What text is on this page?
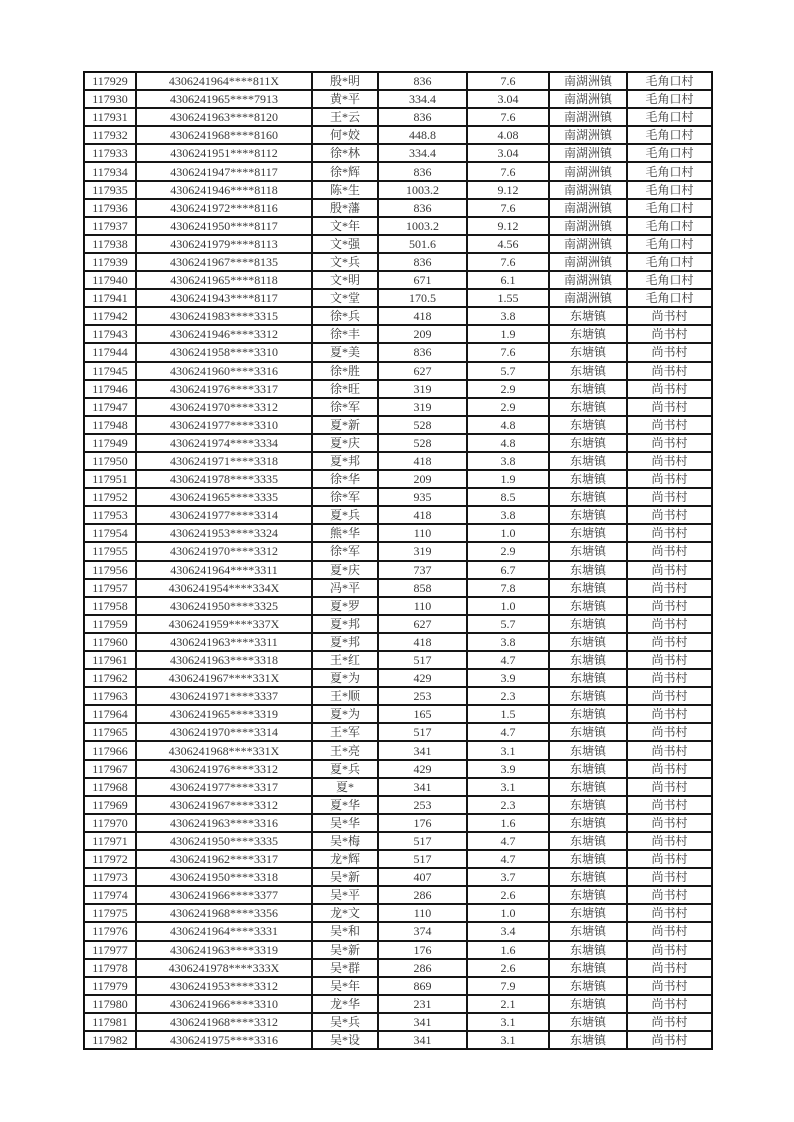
117929	4306241964****811X	殷*明	836	7.6	南湖洲镇	毛角口村
117930	4306241965****7913	黄*平	334.4	3.04	南湖洲镇	毛角口村
117931	4306241963****8120	王*云	836	7.6	南湖洲镇	毛角口村
117932	4306241968****8160	何*姣	448.8	4.08	南湖洲镇	毛角口村
117933	4306241951****8112	徐*林	334.4	3.04	南湖洲镇	毛角口村
117934	4306241947****8117	徐*辉	836	7.6	南湖洲镇	毛角口村
117935	4306241946****8118	陈*生	1003.2	9.12	南湖洲镇	毛角口村
117936	4306241972****8116	殷*藩	836	7.6	南湖洲镇	毛角口村
117937	4306241950****8117	文*年	1003.2	9.12	南湖洲镇	毛角口村
117938	4306241979****8113	文*强	501.6	4.56	南湖洲镇	毛角口村
117939	4306241967****8135	文*兵	836	7.6	南湖洲镇	毛角口村
117940	4306241965****8118	文*明	671	6.1	南湖洲镇	毛角口村
117941	4306241943****8117	文*堂	170.5	1.55	南湖洲镇	毛角口村
117942	4306241983****3315	徐*兵	418	3.8	东塘镇	尚书村
117943	4306241946****3312	徐*丰	209	1.9	东塘镇	尚书村
117944	4306241958****3310	夏*美	836	7.6	东塘镇	尚书村
117945	4306241960****3316	徐*胜	627	5.7	东塘镇	尚书村
117946	4306241976****3317	徐*旺	319	2.9	东塘镇	尚书村
117947	4306241970****3312	徐*军	319	2.9	东塘镇	尚书村
117948	4306241977****3310	夏*新	528	4.8	东塘镇	尚书村
117949	4306241974****3334	夏*庆	528	4.8	东塘镇	尚书村
117950	4306241971****3318	夏*邦	418	3.8	东塘镇	尚书村
117951	4306241978****3335	徐*华	209	1.9	东塘镇	尚书村
117952	4306241965****3335	徐*军	935	8.5	东塘镇	尚书村
117953	4306241977****3314	夏*兵	418	3.8	东塘镇	尚书村
117954	4306241953****3324	熊*华	110	1.0	东塘镇	尚书村
117955	4306241970****3312	徐*军	319	2.9	东塘镇	尚书村
117956	4306241964****3311	夏*庆	737	6.7	东塘镇	尚书村
117957	4306241954****334X	冯*平	858	7.8	东塘镇	尚书村
117958	4306241950****3325	夏*罗	110	1.0	东塘镇	尚书村
117959	4306241959****337X	夏*邦	627	5.7	东塘镇	尚书村
117960	4306241963****3311	夏*邦	418	3.8	东塘镇	尚书村
117961	4306241963****3318	王*红	517	4.7	东塘镇	尚书村
117962	4306241967****331X	夏*为	429	3.9	东塘镇	尚书村
117963	4306241971****3337	王*顺	253	2.3	东塘镇	尚书村
117964	4306241965****3319	夏*为	165	1.5	东塘镇	尚书村
117965	4306241970****3314	王*军	517	4.7	东塘镇	尚书村
117966	4306241968****331X	王*亮	341	3.1	东塘镇	尚书村
117967	4306241976****3312	夏*兵	429	3.9	东塘镇	尚书村
117968	4306241977****3317	夏*	341	3.1	东塘镇	尚书村
117969	4306241967****3312	夏*华	253	2.3	东塘镇	尚书村
117970	4306241963****3316	吴*华	176	1.6	东塘镇	尚书村
117971	4306241950****3335	吴*梅	517	4.7	东塘镇	尚书村
117972	4306241962****3317	龙*辉	517	4.7	东塘镇	尚书村
117973	4306241950****3318	吴*新	407	3.7	东塘镇	尚书村
117974	4306241966****3377	吴*平	286	2.6	东塘镇	尚书村
117975	4306241968****3356	龙*文	110	1.0	东塘镇	尚书村
117976	4306241964****3331	吴*和	374	3.4	东塘镇	尚书村
117977	4306241963****3319	吴*新	176	1.6	东塘镇	尚书村
117978	4306241978****333X	吴*群	286	2.6	东塘镇	尚书村
117979	4306241953****3312	吴*年	869	7.9	东塘镇	尚书村
117980	4306241966****3310	龙*华	231	2.1	东塘镇	尚书村
117981	4306241968****3312	吴*兵	341	3.1	东塘镇	尚书村
117982	4306241975****3316	吴*设	341	3.1	东塘镇	尚书村
